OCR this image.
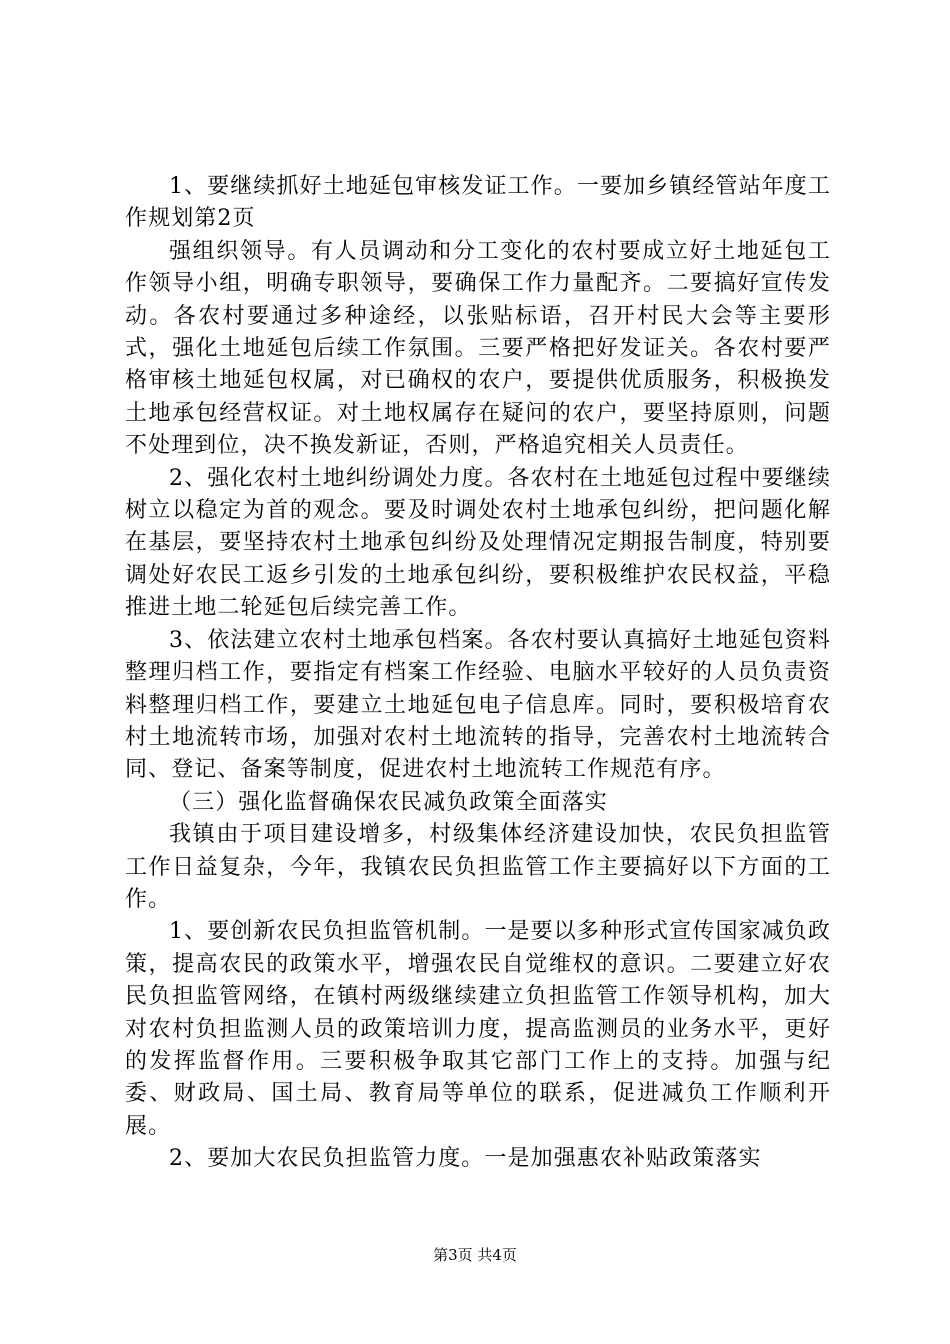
1、要继续抓好土地延包审核发证工作。一要加乡镇经管站年度工作规划第2页

强组织领导。有人员调动和分工变化的农村要成立好土地延包工作领导小组，明确专职领导，要确保工作力量配齐。二要搞好宣传发动。各农村要通过多种途经，以张贴标语，召开村民大会等主要形式，强化土地延包后续工作氛围。三要严格把好发证关。各农村要严格审核土地延包权属，对已确权的农户，要提供优质服务，积极换发土地承包经营权证。对土地权属存在疑问的农户，要坚持原则，问题不处理到位，决不换发新证，否则，严格追究相关人员责任。

2、强化农村土地纠纷调处力度。各农村在土地延包过程中要继续树立以稳定为首的观念。要及时调处农村土地承包纠纷，把问题化解在基层，要坚持农村土地承包纠纷及处理情况定期报告制度，特别要调处好农民工返乡引发的土地承包纠纷，要积极维护农民权益，平稳推进土地二轮延包后续完善工作。

3、依法建立农村土地承包档案。各农村要认真搞好土地延包资料整理归档工作，要指定有档案工作经验、电脑水平较好的人员负责资料整理归档工作，要建立土地延包电子信息库。同时，要积极培育农村土地流转市场，加强对农村土地流转的指导，完善农村土地流转合同、登记、备案等制度，促进农村土地流转工作规范有序。

（三）强化监督确保农民减负政策全面落实

我镇由于项目建设增多，村级集体经济建设加快，农民负担监管工作日益复杂，今年，我镇农民负担监管工作主要搞好以下方面的工作。

1、要创新农民负担监管机制。一是要以多种形式宣传国家减负政策，提高农民的政策水平，增强农民自觉维权的意识。二要建立好农民负担监管网络，在镇村两级继续建立负担监管工作领导机构，加大对农村负担监测人员的政策培训力度，提高监测员的业务水平，更好的发挥监督作用。三要积极争取其它部门工作上的支持。加强与纪委、财政局、国土局、教育局等单位的联系，促进减负工作顺利开展。

2、要加大农民负担监管力度。一是加强惠农补贴政策落实

第3页 共4页
